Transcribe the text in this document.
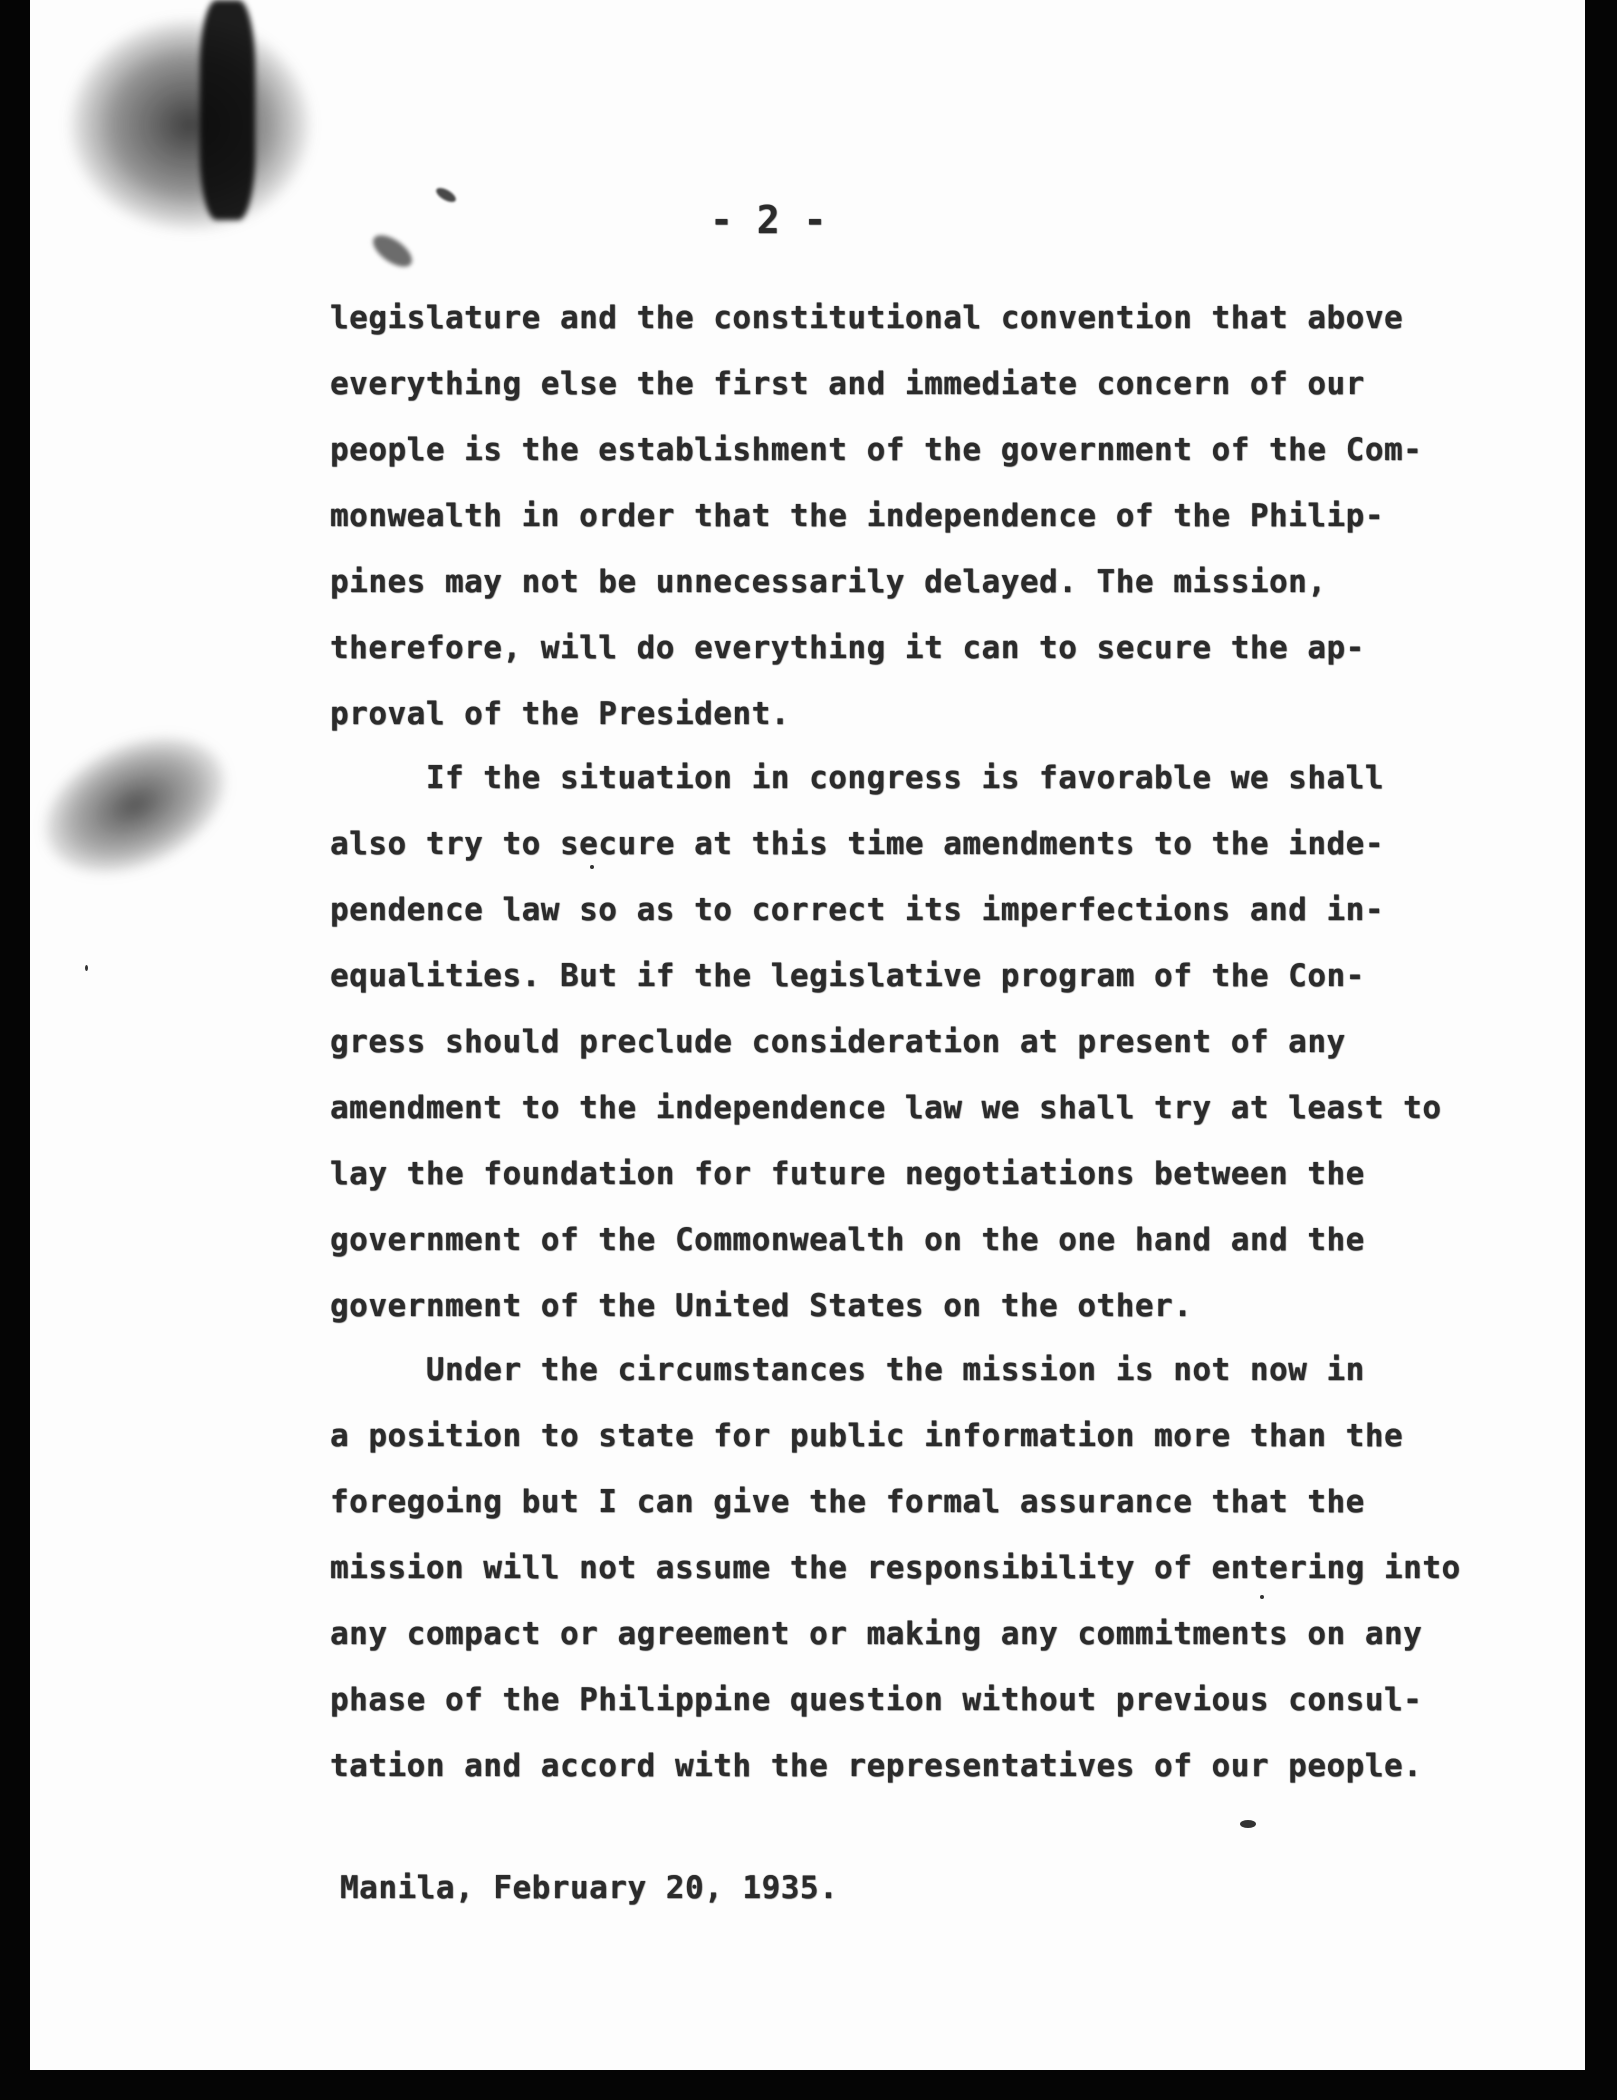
- 2 -
legislature and the constitutional convention that above
everything else the first and immediate concern of our
people is the establishment of the government of the Com-
monwealth in order that the independence of the Philip-
pines may not be unnecessarily delayed. The mission,
therefore, will do everything it can to secure the ap-
proval of the President.
If the situation in congress is favorable we shall
also try to secure at this time amendments to the inde-
pendence law so as to correct its imperfections and in-
equalities. But if the legislative program of the Con-
gress should preclude consideration at present of any
amendment to the independence law we shall try at least to
lay the foundation for future negotiations between the
government of the Commonwealth on the one hand and the
government of the United States on the other.
Under the circumstances the mission is not now in
a position to state for public information more than the
foregoing but I can give the formal assurance that the
mission will not assume the responsibility of entering into
any compact or agreement or making any commitments on any
phase of the Philippine question without previous consul-
tation and accord with the representatives of our people.
Manila, February 20, 1935.
